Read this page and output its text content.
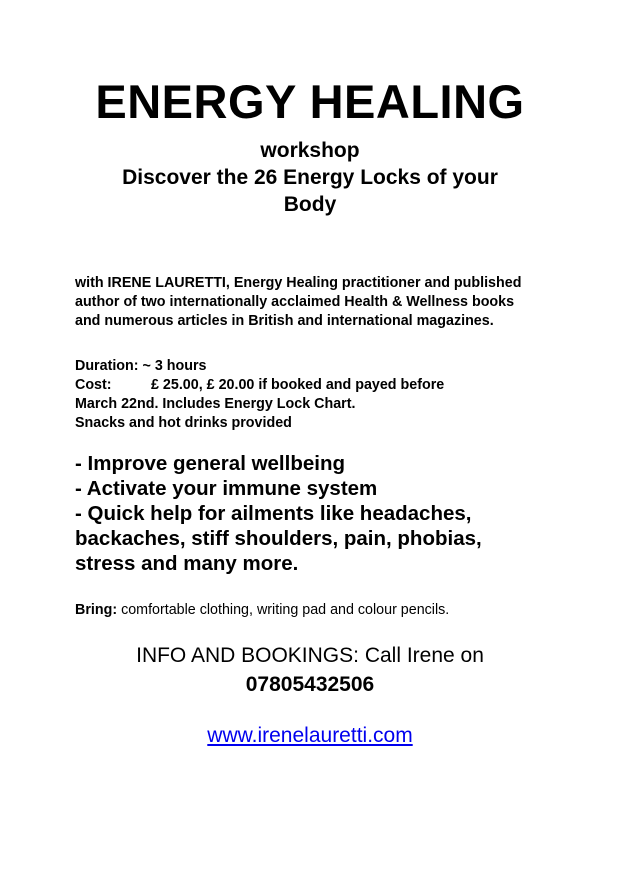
ENERGY HEALING
workshop
Discover the 26 Energy Locks of your
Body
with IRENE LAURETTI, Energy Healing practitioner and published
author of two internationally acclaimed Health & Wellness books
and numerous articles in British and international magazines.
Duration: ~ 3 hours
Cost:	£ 25.00, £ 20.00 if booked and payed before
March 22nd. Includes Energy Lock Chart.
Snacks and hot drinks provided
- Improve general wellbeing
- Activate your immune system
- Quick help for ailments like headaches,
backaches, stiff shoulders, pain, phobias,
stress and many more.
Bring: comfortable clothing, writing pad and colour pencils.
INFO AND BOOKINGS: Call Irene on
07805432506
www.irenelauretti.com
